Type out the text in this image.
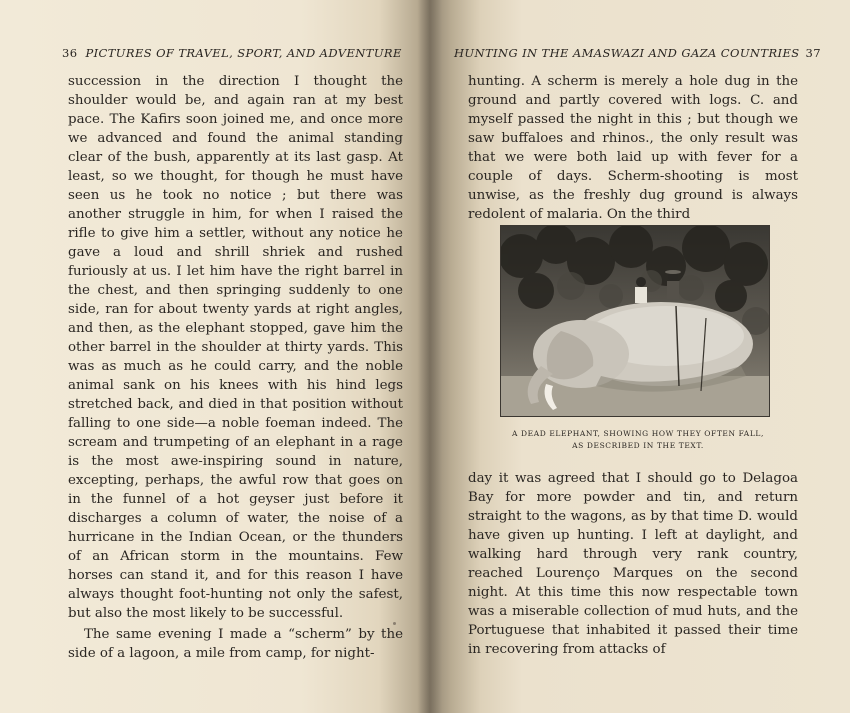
36 PICTURES OF TRAVEL, SPORT, AND ADVENTURE

succession in the direction I thought the shoulder would be, and again ran at my best pace. The Kafirs soon joined me, and once more we advanced and found the animal standing clear of the bush, apparently at its last gasp. At least, so we thought, for though he must have seen us he took no notice ; but there was another struggle in him, for when I raised the rifle to give him a settler, without any notice he gave a loud and shrill shriek and rushed furiously at us. I let him have the right barrel in the chest, and then springing suddenly to one side, ran for about twenty yards at right angles, and then, as the elephant stopped, gave him the other barrel in the shoulder at thirty yards. This was as much as he could carry, and the noble animal sank on his knees with his hind legs stretched back, and died in that position without falling to one side—a noble foeman indeed. The scream and trumpeting of an elephant in a rage is the most awe-inspiring sound in nature, excepting, perhaps, the awful row that goes on in the funnel of a hot geyser just before it discharges a column of water, the noise of a hurricane in the Indian Ocean, or the thunders of an African storm in the mountains. Few horses can stand it, and for this reason I have always thought foot-hunting not only the safest, but also the most likely to be successful.

The same evening I made a “scherm” by the side of a lagoon, a mile from camp, for night-

HUNTING IN THE AMASWAZI AND GAZA COUNTRIES 37

hunting. A scherm is merely a hole dug in the ground and partly covered with logs. C. and myself passed the night in this ; but though we saw buffaloes and rhinos., the only result was that we were both laid up with fever for a couple of days. Scherm-shooting is most unwise, as the freshly dug ground is always redolent of malaria. On the third

A DEAD ELEPHANT, SHOWING HOW THEY OFTEN FALL,
AS DESCRIBED IN THE TEXT.

day it was agreed that I should go to Delagoa Bay for more powder and tin, and return straight to the wagons, as by that time D. would have given up hunting. I left at daylight, and walking hard through very rank country, reached Lourenço Marques on the second night. At this time this now respectable town was a miserable collection of mud huts, and the Portuguese that inhabited it passed their time in recovering from attacks of
